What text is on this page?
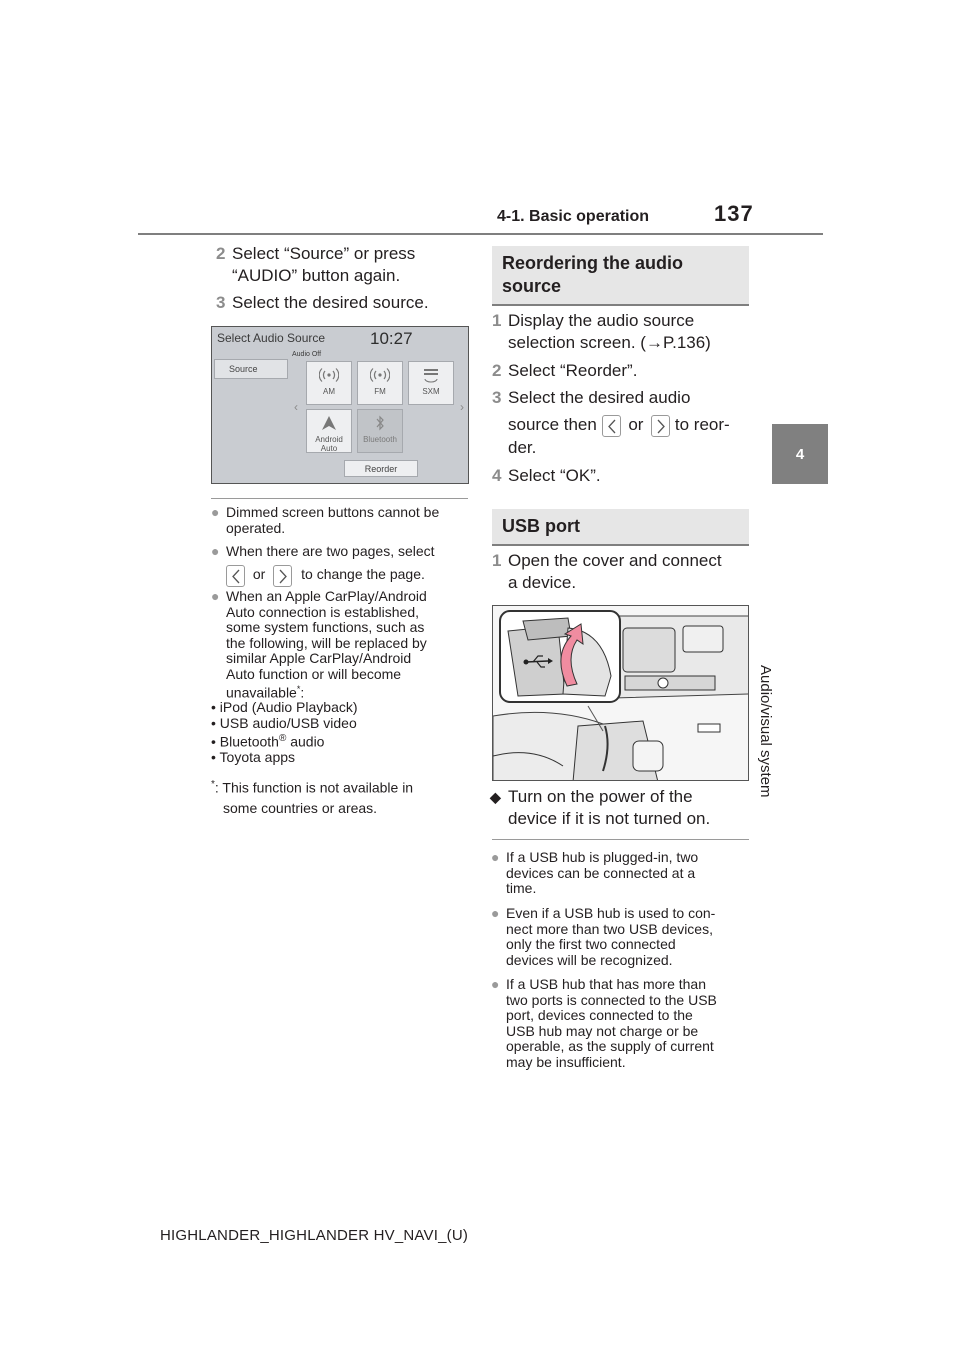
4-1. Basic operation	137
4
Audio/visual system
2 Select “Source” or press
“AUDIO” button again.
3 Select the desired source.
Select Audio Source	10:27
Audio Off
Source
‹	›
AM	FM	SXM
Android Auto
Bluetooth
Reorder
● Dimmed screen buttons cannot be
operated.
● When there are two pages, select
or	to change the page.
● When an Apple CarPlay/Android
Auto connection is established,
some system functions, such as
the following, will be replaced by
similar Apple CarPlay/Android
Auto function or will become
unavailable*:
• iPod (Audio Playback)
• USB audio/USB video
• Bluetooth® audio
• Toyota apps
*: This function is not available in
some countries or areas.
Reordering the audio
source
1 Display the audio source
selection screen. (→P.136)
2 Select “Reorder”.
3 Select the desired audio
source then or to reor-
der.
4 Select “OK”.
USB port
1 Open the cover and connect
a device.
◆ Turn on the power of the
device if it is not turned on.
● If a USB hub is plugged-in, two
devices can be connected at a
time.
● Even if a USB hub is used to con-
nect more than two USB devices,
only the first two connected
devices will be recognized.
● If a USB hub that has more than
two ports is connected to the USB
port, devices connected to the
USB hub may not charge or be
operable, as the supply of current
may be insufficient.
HIGHLANDER_HIGHLANDER HV_NAVI_(U)
